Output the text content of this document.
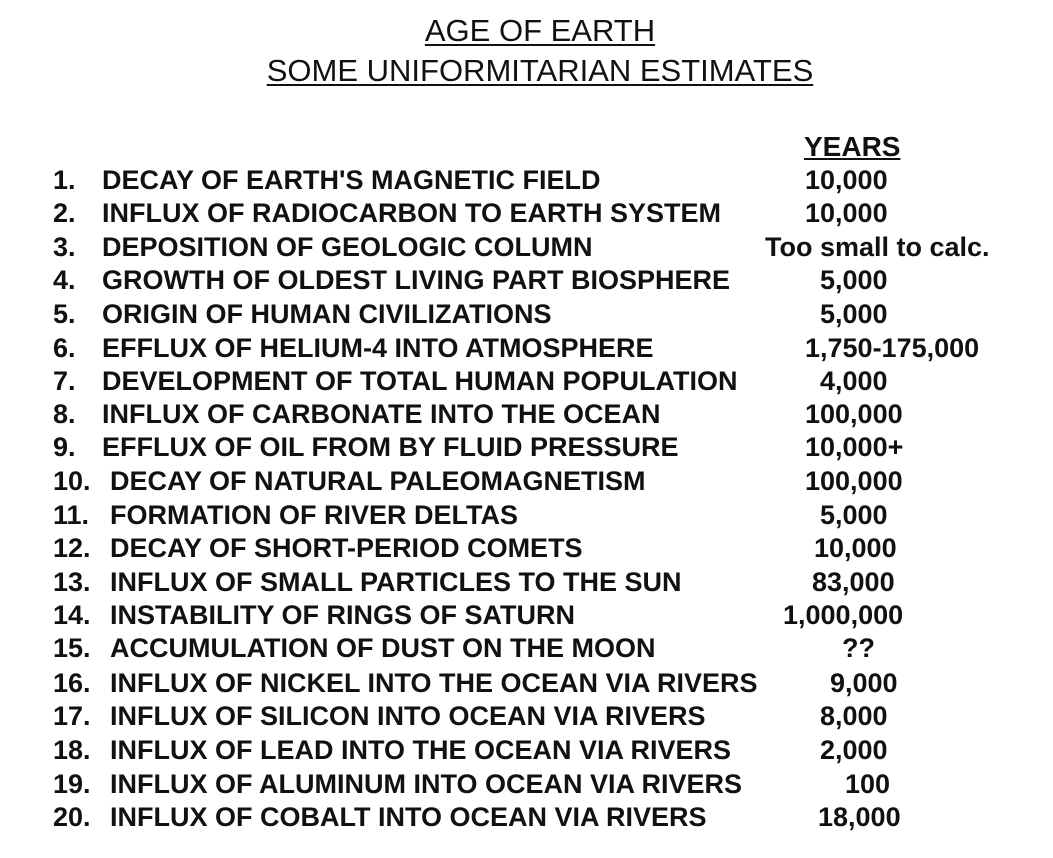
AGE OF EARTH
SOME UNIFORMITARIAN ESTIMATES
YEARS
1. DECAY OF EARTH'S MAGNETIC FIELD	10,000
2. INFLUX OF RADIOCARBON TO EARTH SYSTEM	10,000
3. DEPOSITION OF GEOLOGIC COLUMN	Too small to calc.
4. GROWTH OF OLDEST LIVING PART BIOSPHERE	5,000
5. ORIGIN OF HUMAN CIVILIZATIONS	5,000
6. EFFLUX OF HELIUM-4 INTO ATMOSPHERE	1,750-175,000
7. DEVELOPMENT OF TOTAL HUMAN POPULATION	4,000
8. INFLUX OF CARBONATE INTO THE OCEAN	100,000
9. EFFLUX OF OIL FROM BY FLUID PRESSURE	10,000+
10. DECAY OF NATURAL PALEOMAGNETISM	100,000
11. FORMATION OF RIVER DELTAS	5,000
12. DECAY OF SHORT-PERIOD COMETS	10,000
13. INFLUX OF SMALL PARTICLES TO THE SUN	83,000
14. INSTABILITY OF RINGS OF SATURN	1,000,000
15. ACCUMULATION OF DUST ON THE MOON	??
16. INFLUX OF NICKEL INTO THE OCEAN VIA RIVERS	9,000
17. INFLUX OF SILICON INTO OCEAN VIA RIVERS	8,000
18. INFLUX OF LEAD INTO THE OCEAN VIA RIVERS	2,000
19. INFLUX OF ALUMINUM INTO OCEAN VIA RIVERS	100
20. INFLUX OF COBALT INTO OCEAN VIA RIVERS	18,000
